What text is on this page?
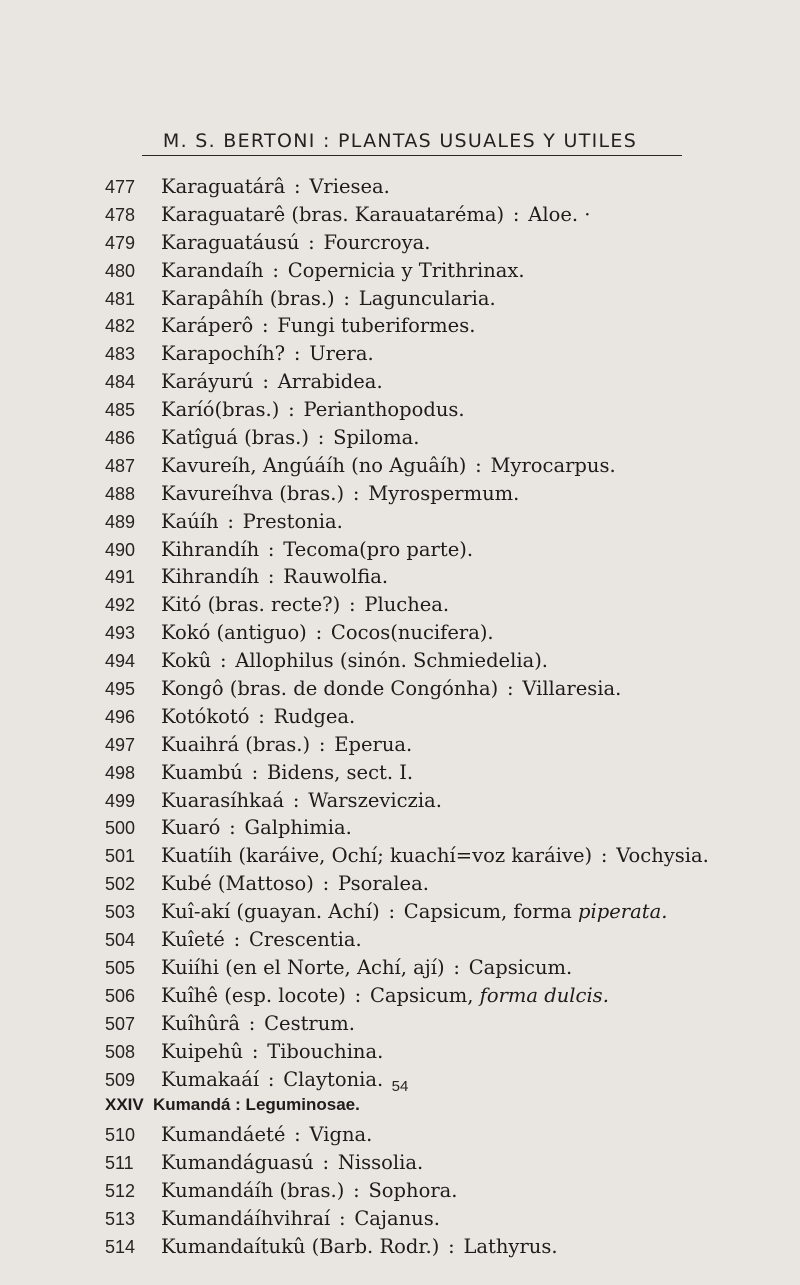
M. S. BERTONI : PLANTAS USUALES Y UTILES
477	Karaguatárâ : Vriesea.
478	Karaguatarê (bras. Karauataréma) : Aloe. ·
479	Karaguatáusú : Fourcroya.
480	Karandaíh : Copernicia y Trithrinax.
481	Karapâhíh (bras.) : Laguncularia.
482	Karáperô : Fungi tuberiformes.
483	Karapochíh? : Urera.
484	Karáyurú : Arrabidea.
485	Karíó(bras.) : Perianthopodus.
486	Katîguá (bras.) : Spiloma.
487	Kavureíh, Angúáíh (no Aguâíh) : Myrocarpus.
488	Kavureíhva (bras.) : Myrospermum.
489	Kaúíh : Prestonia.
490	Kihrandíh : Tecoma(pro parte).
491	Kihrandíh : Rauwolfia.
492	Kitó (bras. recte?) : Pluchea.
493	Kokó (antiguo) : Cocos(nucifera).
494	Kokû : Allophilus (sinón. Schmiedelia).
495	Kongô (bras. de donde Congónha) : Villaresia.
496	Kotókotó : Rudgea.
497	Kuaihrá (bras.) : Eperua.
498	Kuambú : Bidens, sect. I.
499	Kuarasíhkaá : Warszeviczia.
500	Kuaró : Galphimia.
501	Kuatíih (karáive, Ochí; kuachí=voz karáive) : Vochysia.
502	Kubé (Mattoso) : Psoralea.
503	Kuî-akí (guayan. Achí) : Capsicum, forma piperata.
504	Kuîeté : Crescentia.
505	Kuiíhi (en el Norte, Achí, ají) : Capsicum.
506	Kuîhê (esp. locote) : Capsicum, forma dulcis.
507	Kuîhûrâ : Cestrum.
508	Kuipehû : Tibouchina.
509	Kumakaáí : Claytonia.
XXIV Kumandá : Leguminosae.
510	Kumandáeté : Vigna.
511	Kumandáguasú : Nissolia.
512	Kumandáíh (bras.) : Sophora.
513	Kumandáíhvihraí : Cajanus.
514	Kumandaítukû (Barb. Rodr.) : Lathyrus.
54
